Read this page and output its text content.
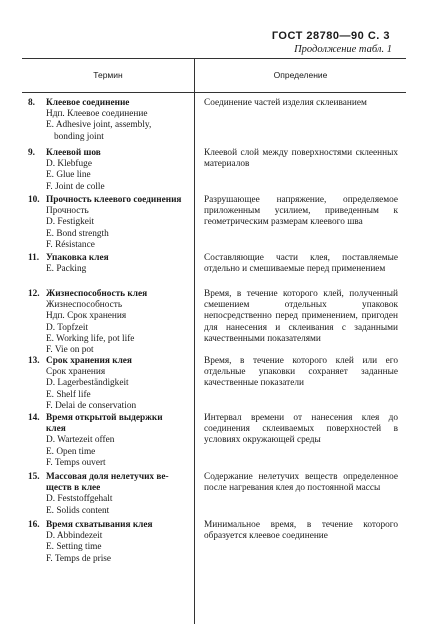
ГОСТ 28780—90 С. 3
Продолжение табл. 1
Термин	Определение
8. Клеевое соединение
Ндп. Клеевое соединение
E. Adhesive joint, assembly,
bonding joint
Соединение частей изделия склеиванием
9. Клеевой шов
D. Klebfuge
E. Glue line
F. Joint de colle
Клеевой слой между поверхностями склеенных материалов
10. Прочность клеевого соединения
Прочность
D. Festigkeit
E. Bond strength
F. Résistance
Разрушающее напряжение, определяемое приложенным усилием, приведенным к геометрическим размерам клеевого шва
11. Упаковка клея
E. Packing
Составляющие части клея, поставляемые отдельно и смешиваемые перед применением
12. Жизнеспособность клея
Жизнеспособность
Ндп. Срок хранения
D. Topfzeit
E. Working life, pot life
F. Vie on pot
Время, в течение которого клей, полученный смешением отдельных упаковок непосредственно перед применением, пригоден для нанесения и склеивания с заданными качественными показателями
13. Срок хранения клея
Срок хранения
D. Lagerbeständigkeit
E. Shelf life
F. Delai de conservation
Время, в течение которого клей или его отдельные упаковки сохраняет заданные качественные показатели
14. Время открытой выдержки
клея
D. Wartezeit offen
E. Open time
F. Temps ouvert
Интервал времени от нанесения клея до соединения склеиваемых поверхностей в условиях окружающей среды
15. Массовая доля нелетучих ве-
ществ в клее
D. Feststoffgehalt
E. Solids content
Содержание нелетучих веществ определенное после нагревания клея до постоянной массы
16. Время схватывания клея
D. Abbindezeit
E. Setting time
F. Temps de prise
Минимальное время, в течение которого образуется клеевое соединение
